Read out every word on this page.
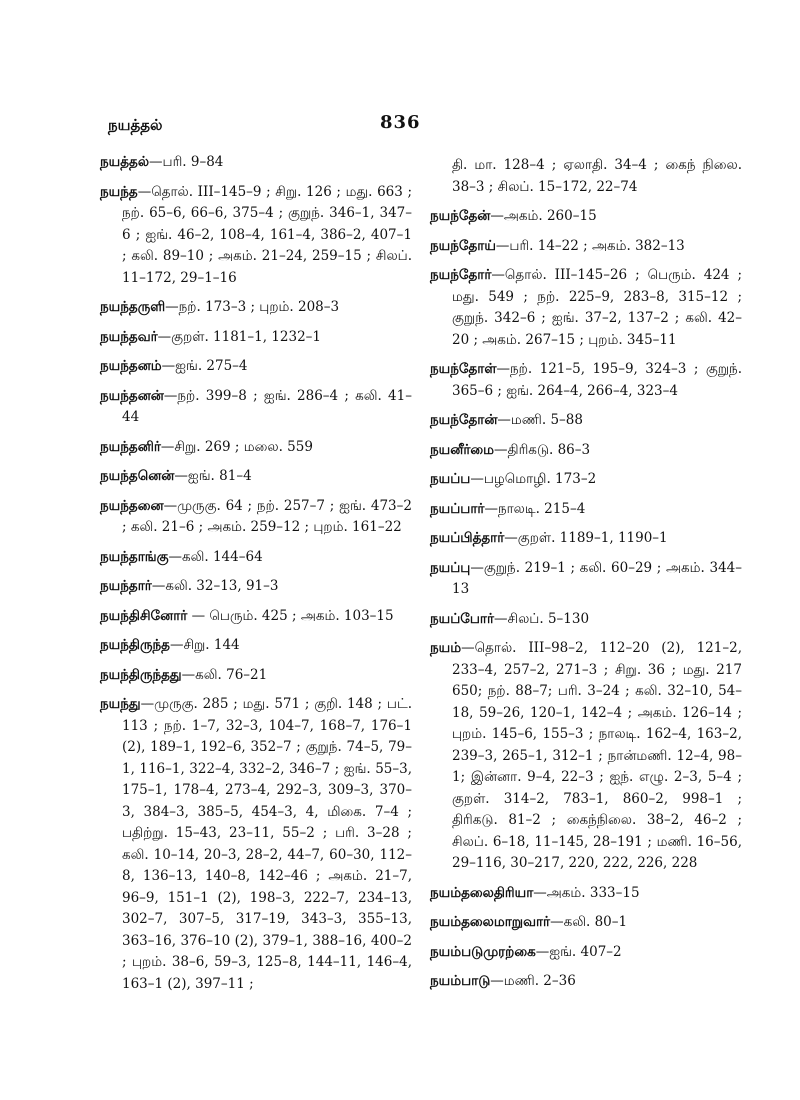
நயத்தல்	836
நயத்தல்—பரி. 9–84
நயந்த—தொல். III–145–9 ; சிறு. 126 ; மது. 663 ; நற். 65–6, 66–6, 375–4 ; குறுந். 346–1, 347–6 ; ஐங். 46–2, 108–4, 161–4, 386–2, 407–1 ; கலி. 89–10 ; அகம். 21–24, 259–15 ; சிலப். 11–172, 29–1–16
நயந்தருளி—நற். 173–3 ; புறம். 208–3
நயந்தவர்—குறள். 1181–1, 1232–1
நயந்தனம்—ஐங். 275–4
நயந்தனன்—நற். 399–8 ; ஐங். 286–4 ; கலி. 41–44
நயந்தனிர்—சிறு. 269 ; மலை. 559
நயந்தனென்—ஐங். 81–4
நயந்தனை—முருகு. 64 ; நற். 257–7 ; ஐங். 473–2 ; கலி. 21–6 ; அகம். 259–12 ; புறம். 161–22
நயந்தாங்கு—கலி. 144–64
நயந்தார்—கலி. 32–13, 91–3
நயந்திசினோர் — பெரும். 425 ; அகம். 103–15
நயந்திருந்த—சிறு. 144
நயந்திருந்தது—கலி. 76–21
நயந்து—முருகு. 285 ; மது. 571 ; குறி. 148 ; பட். 113 ; நற். 1–7, 32–3, 104–7, 168–7, 176–1 (2), 189–1, 192–6, 352–7 ; குறுந். 74–5, 79–1, 116–1, 322–4, 332–2, 346–7 ; ஐங். 55–3, 175–1, 178–4, 273–4, 292–3, 309–3, 370–3, 384–3, 385–5, 454–3, 4, மிகை. 7–4 ; பதிற்று. 15–43, 23–11, 55–2 ; பரி. 3–28 ; கலி. 10–14, 20–3, 28–2, 44–7, 60–30, 112–8, 136–13, 140–8, 142–46 ; அகம். 21–7, 96–9, 151–1 (2), 198–3, 222–7, 234–13, 302–7, 307–5, 317–19, 343–3, 355–13, 363–16, 376–10 (2), 379–1, 388–16, 400–2 ; புறம். 38–6, 59–3, 125–8, 144–11, 146–4, 163–1 (2), 397–11 ;
தி. மா. 128–4 ; ஏலாதி. 34–4 ; கைந் நிலை. 38–3 ; சிலப். 15–172, 22–74
நயந்தேன்—அகம். 260–15
நயந்தோய்—பரி. 14–22 ; அகம். 382–13
நயந்தோர்—தொல். III–145–26 ; பெரும். 424 ; மது. 549 ; நற். 225–9, 283–8, 315–12 ; குறுந். 342–6 ; ஐங். 37–2, 137–2 ; கலி. 42–20 ; அகம். 267–15 ; புறம். 345–11
நயந்தோள்—நற். 121–5, 195–9, 324–3 ; குறுந். 365–6 ; ஐங். 264–4, 266–4, 323–4
நயந்தோன்—மணி. 5–88
நயனீர்மை—திரிகடு. 86–3
நயப்ப—பழமொழி. 173–2
நயப்பார்—நாலடி. 215–4
நயப்பித்தார்—குறள். 1189–1, 1190–1
நயப்பு—குறுந். 219–1 ; கலி. 60–29 ; அகம். 344–13
நயப்போர்—சிலப். 5–130
நயம்—தொல். III–98–2, 112–20 (2), 121–2, 233–4, 257–2, 271–3 ; சிறு. 36 ; மது. 217 650; நற். 88–7; பரி. 3–24 ; கலி. 32–10, 54–18, 59–26, 120–1, 142–4 ; அகம். 126–14 ; புறம். 145–6, 155–3 ; நாலடி. 162–4, 163–2, 239–3, 265–1, 312–1 ; நான்மணி. 12–4, 98–1; இன்னா. 9–4, 22–3 ; ஐந். எழு. 2–3, 5–4 ; குறள். 314–2, 783–1, 860–2, 998–1 ; திரிகடு. 81–2 ; கைந்நிலை. 38–2, 46–2 ; சிலப். 6–18, 11–145, 28–191 ; மணி. 16–56, 29–116, 30–217, 220, 222, 226, 228
நயம்தலைதிரியா—அகம். 333–15
நயம்தலைமாறுவார்—கலி. 80–1
நயம்படுமுரற்கை—ஐங். 407–2
நயம்பாடு—மணி. 2–36
